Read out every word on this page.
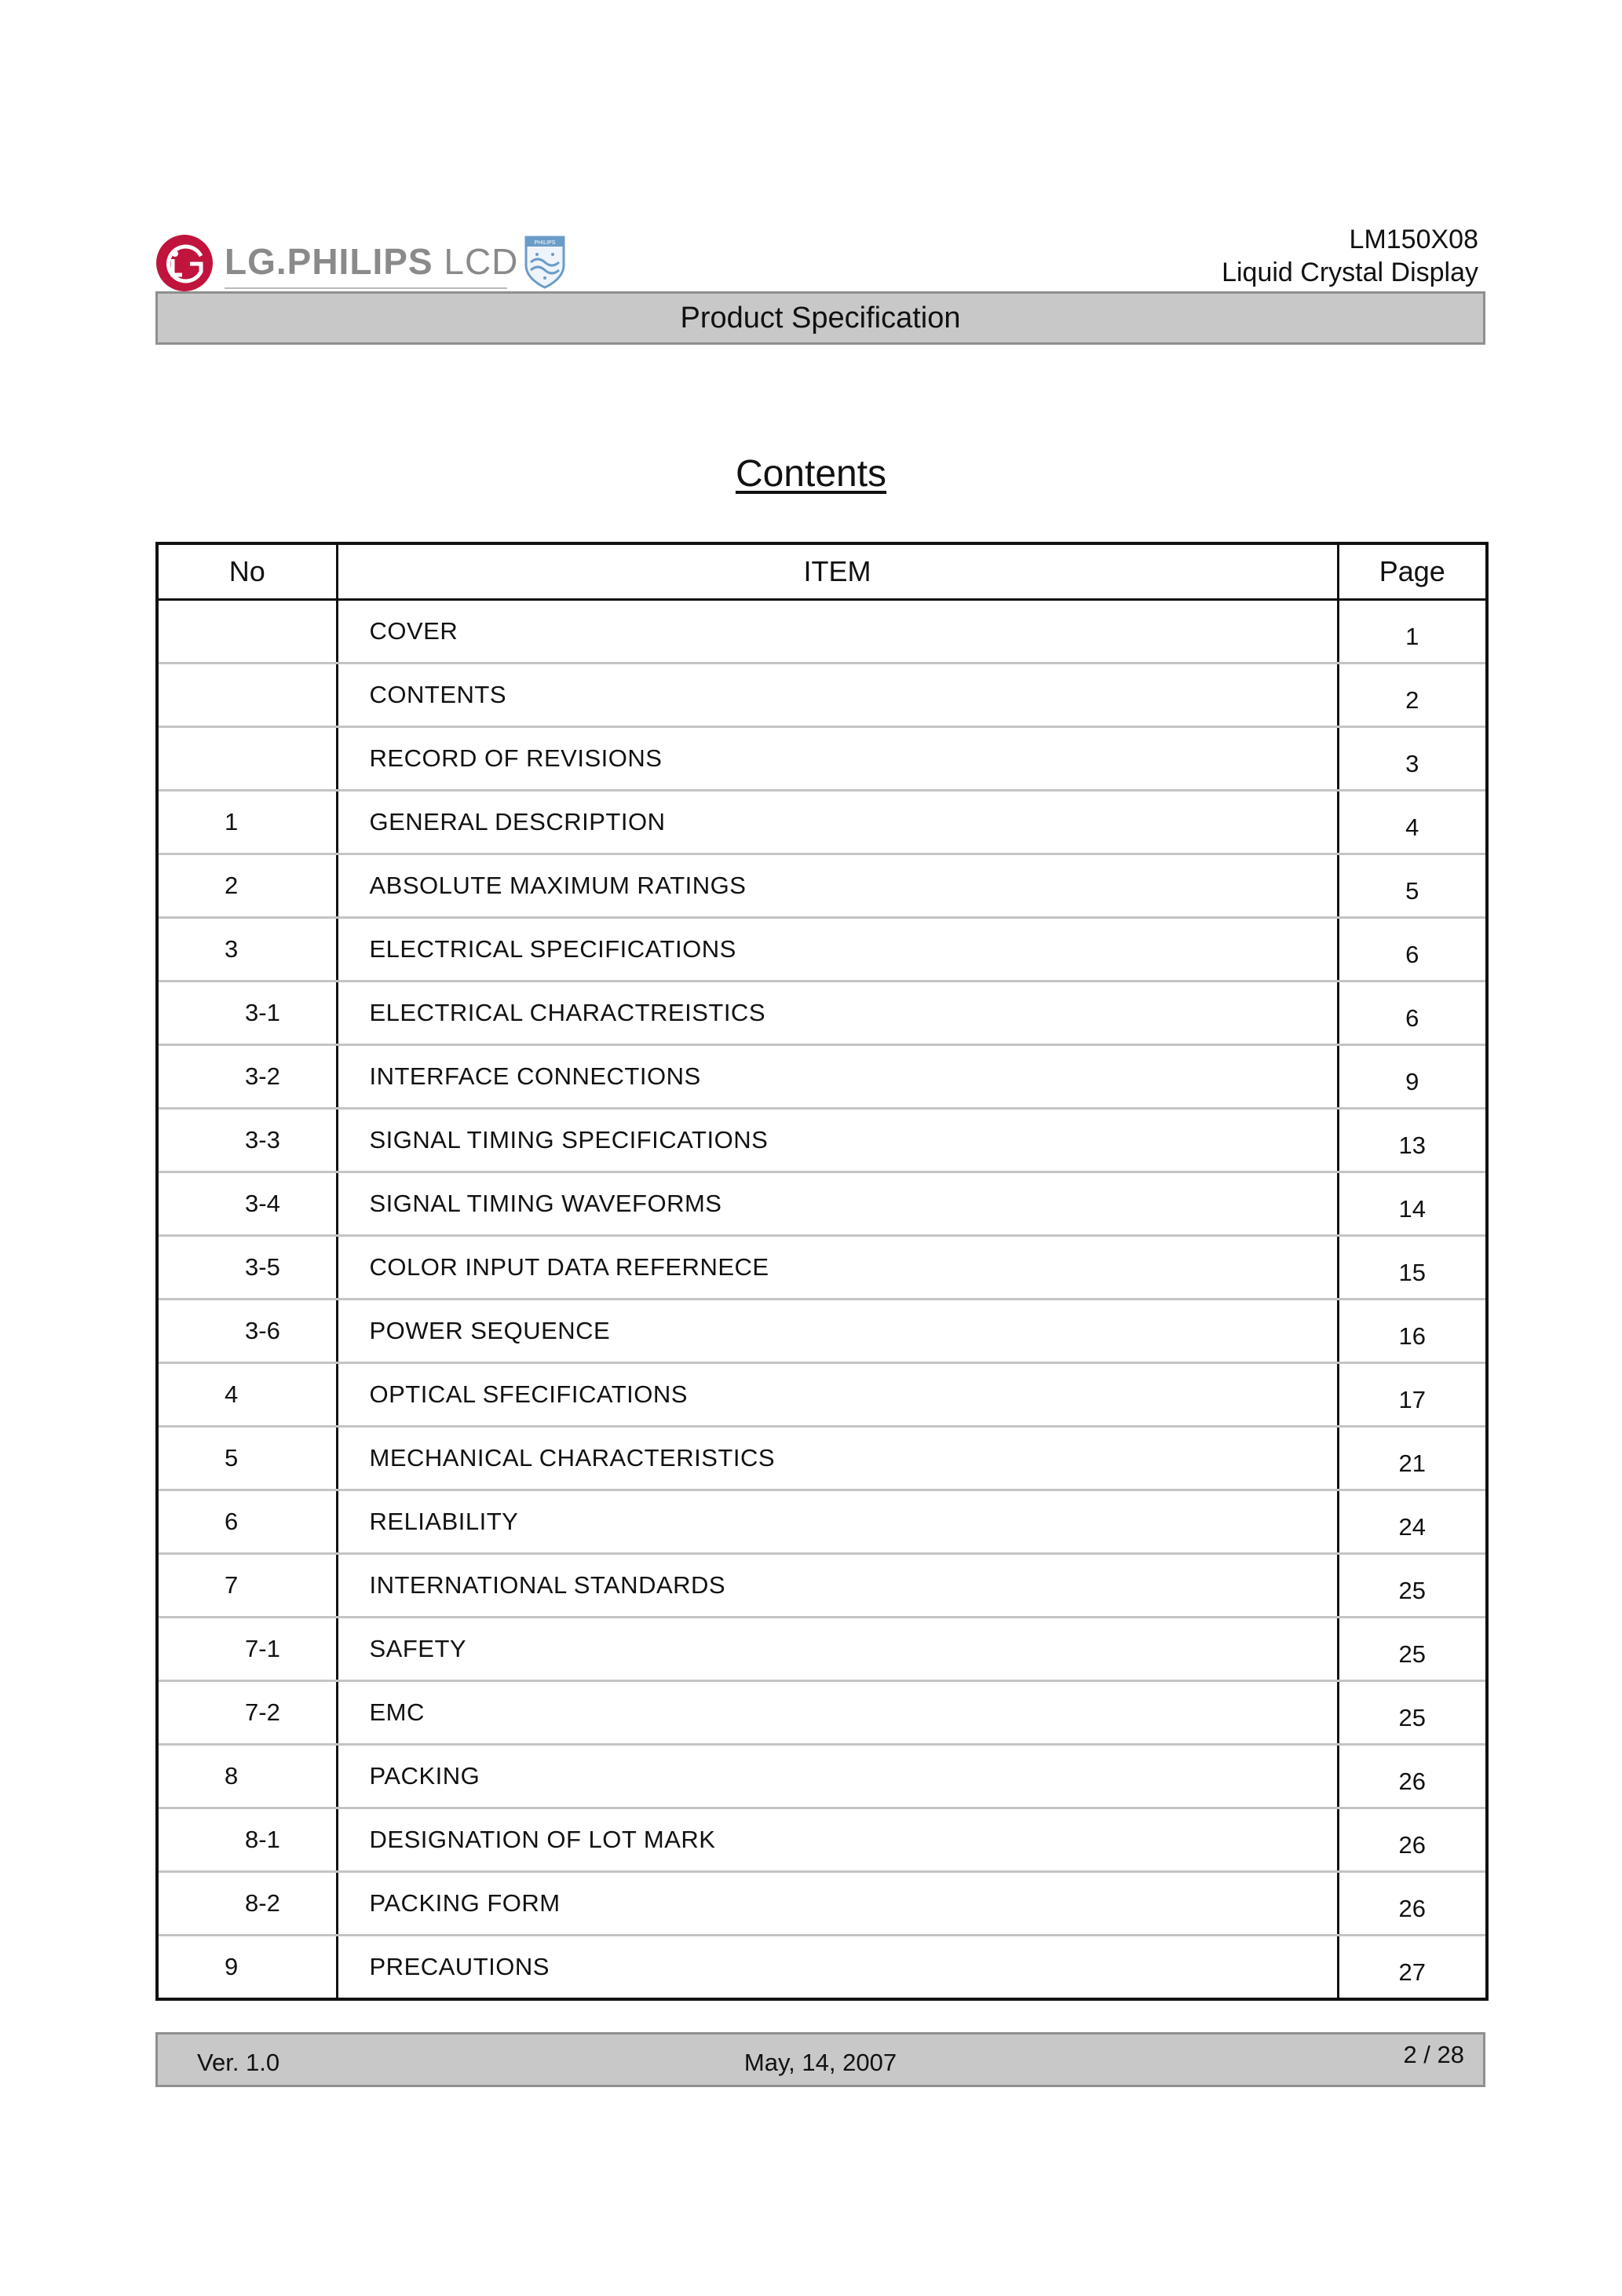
LG.PHILIPS LCD	PHILIPS	LM150X08
Liquid Crystal Display
Product Specification
Contents
No	ITEM	Page
	COVER	1
	CONTENTS	2
	RECORD OF REVISIONS	3
1	GENERAL DESCRIPTION	4
2	ABSOLUTE MAXIMUM RATINGS	5
3	ELECTRICAL SPECIFICATIONS	6
3-1	ELECTRICAL CHARACTREISTICS	6
3-2	INTERFACE CONNECTIONS	9
3-3	SIGNAL TIMING SPECIFICATIONS	13
3-4	SIGNAL TIMING WAVEFORMS	14
3-5	COLOR INPUT DATA REFERNECE	15
3-6	POWER SEQUENCE	16
4	OPTICAL SFECIFICATIONS	17
5	MECHANICAL CHARACTERISTICS	21
6	RELIABILITY	24
7	INTERNATIONAL STANDARDS	25
7-1	SAFETY	25
7-2	EMC	25
8	PACKING	26
8-1	DESIGNATION OF LOT MARK	26
8-2	PACKING FORM	26
9	PRECAUTIONS	27
Ver. 1.0	May, 14, 2007	2 / 28
